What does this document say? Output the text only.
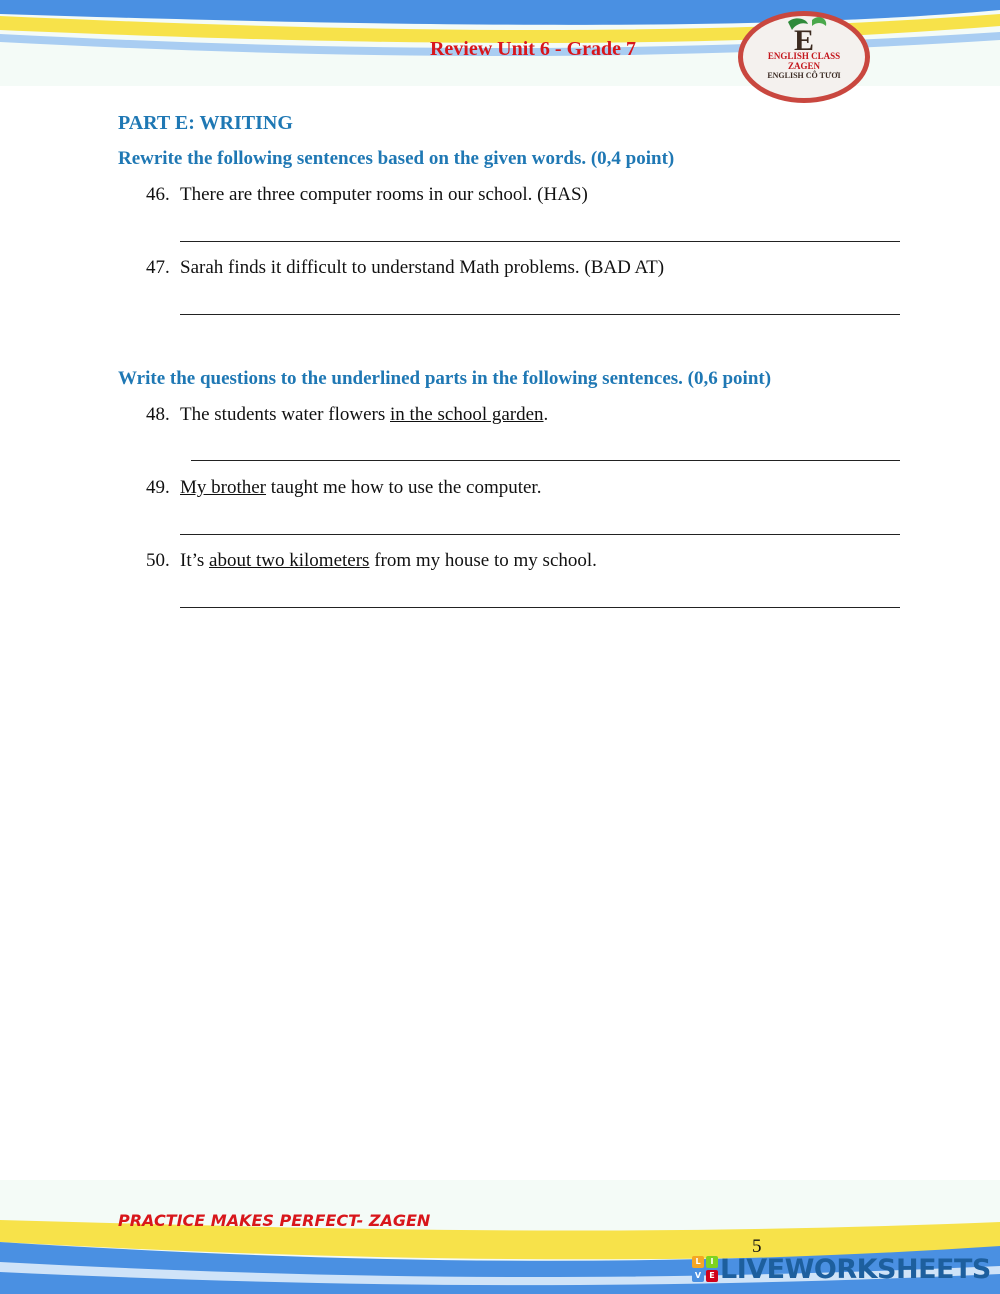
Review Unit 6 - Grade 7	E
ENGLISH CLASS ZAGEN
ENGLISH CÔ TƯƠI
PART E: WRITING
Rewrite the following sentences based on the given words. (0,4 point)
46. There are three computer rooms in our school. (HAS)
47. Sarah finds it difficult to understand Math problems. (BAD AT)
Write the questions to the underlined parts in the following sentences. (0,6 point)
48. The students water flowers in the school garden.
49. My brother taught me how to use the computer.
50. It’s about two kilometers from my house to my school.
PRACTICE MAKES PERFECT- ZAGEN
5
L	I
V	E LIVEWORKSHEETS
